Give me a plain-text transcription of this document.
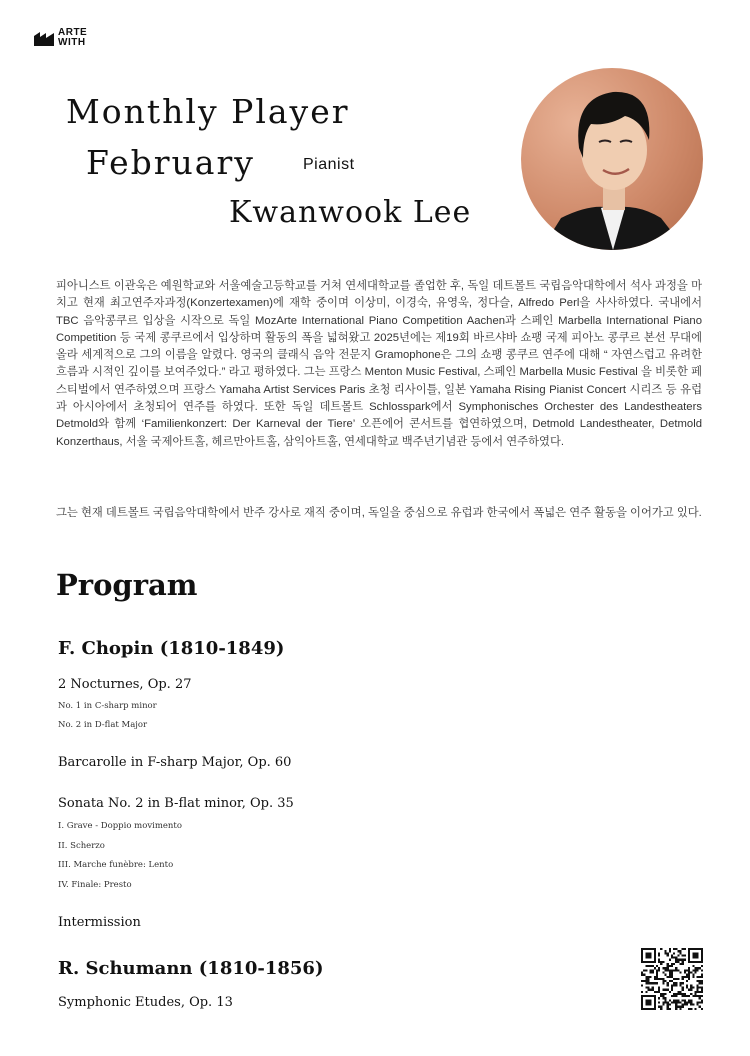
ARTE
WITH
Monthly Player
February	Pianist
Kwanwook Lee

피아니스트 이관욱은 예원학교와 서울예술고등학교를 거쳐 연세대학교를 졸업한 후, 독일 데트몰트 국립음악대학에서 석사 과정을 마치고 현재 최고연주자과정(Konzertexamen)에 재학 중이며 이상미, 이경숙, 유영욱, 정다슬, Alfredo Perl을 사사하였다. 국내에서 TBC 음악콩쿠르 입상을 시작으로 독일 MozArte International Piano Competition Aachen과 스페인 Marbella International Piano Competition 등 국제 콩쿠르에서 입상하며 활동의 폭을 넓혀왔고 2025년에는 제19회 바르샤바 쇼팽 국제 피아노 콩쿠르 본선 무대에 올라 세계적으로 그의 이름을 알렸다. 영국의 클래식 음악 전문지 Gramophone은 그의 쇼팽 콩쿠르 연주에 대해 “ 자연스럽고 유려한 흐름과 시적인 깊이를 보여주었다.” 라고 평하였다. 그는 프랑스 Menton Music Festival, 스페인 Marbella Music Festival 을 비롯한 페스티벌에서 연주하였으며 프랑스 Yamaha Artist Services Paris 초청 리사이틀, 일본 Yamaha Rising Pianist Concert 시리즈 등 유럽과 아시아에서 초청되어 연주를 하였다. 또한 독일 데트몰트 Schlosspark에서 Symphonisches Orchester des Landestheaters Detmold와 함께 ‘Familienkonzert: Der Karneval der Tiere’ 오픈에어 콘서트를 협연하였으며, Detmold Landestheater, Detmold Konzerthaus, 서울 국제아트홀, 헤르만아트홀, 삼익아트홀, 연세대학교 백주년기념관 등에서 연주하였다.

그는 현재 데트몰트 국립음악대학에서 반주 강사로 재직 중이며, 독일을 중심으로 유럽과 한국에서 폭넓은 연주 활동을 이어가고 있다.

Program
F. Chopin (1810-1849)
2 Nocturnes, Op. 27
No. 1 in C-sharp minor
No. 2 in D-flat Major
Barcarolle in F-sharp Major, Op. 60
Sonata No. 2 in B-flat minor, Op. 35
I. Grave - Doppio movimento
II. Scherzo
III. Marche funèbre: Lento
IV. Finale: Presto
Intermission
R. Schumann (1810-1856)
Symphonic Etudes, Op. 13
